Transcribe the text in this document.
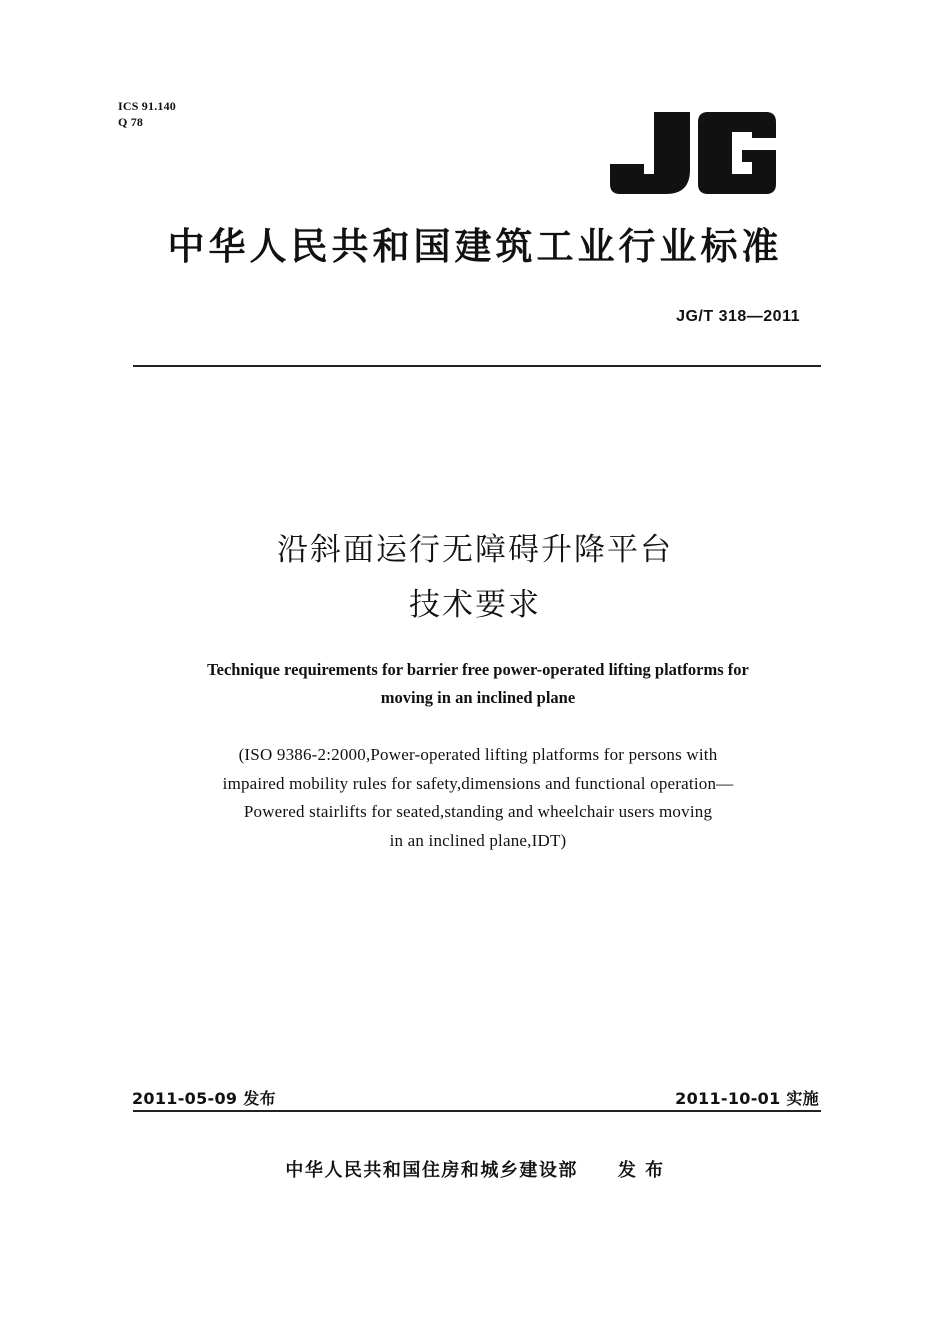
ICS 91.140
Q 78
中华人民共和国建筑工业行业标准
JG/T 318—2011
沿斜面运行无障碍升降平台
技术要求
Technique requirements for barrier free power-operated lifting platforms for
moving in an inclined plane
(ISO 9386-2:2000,Power-operated lifting platforms for persons with
impaired mobility rules for safety,dimensions and functional operation—
Powered stairlifts for seated,standing and wheelchair users moving
in an inclined plane,IDT)
2011-05-09 发布	2011-10-01 实施
中华人民共和国住房和城乡建设部 发 布
